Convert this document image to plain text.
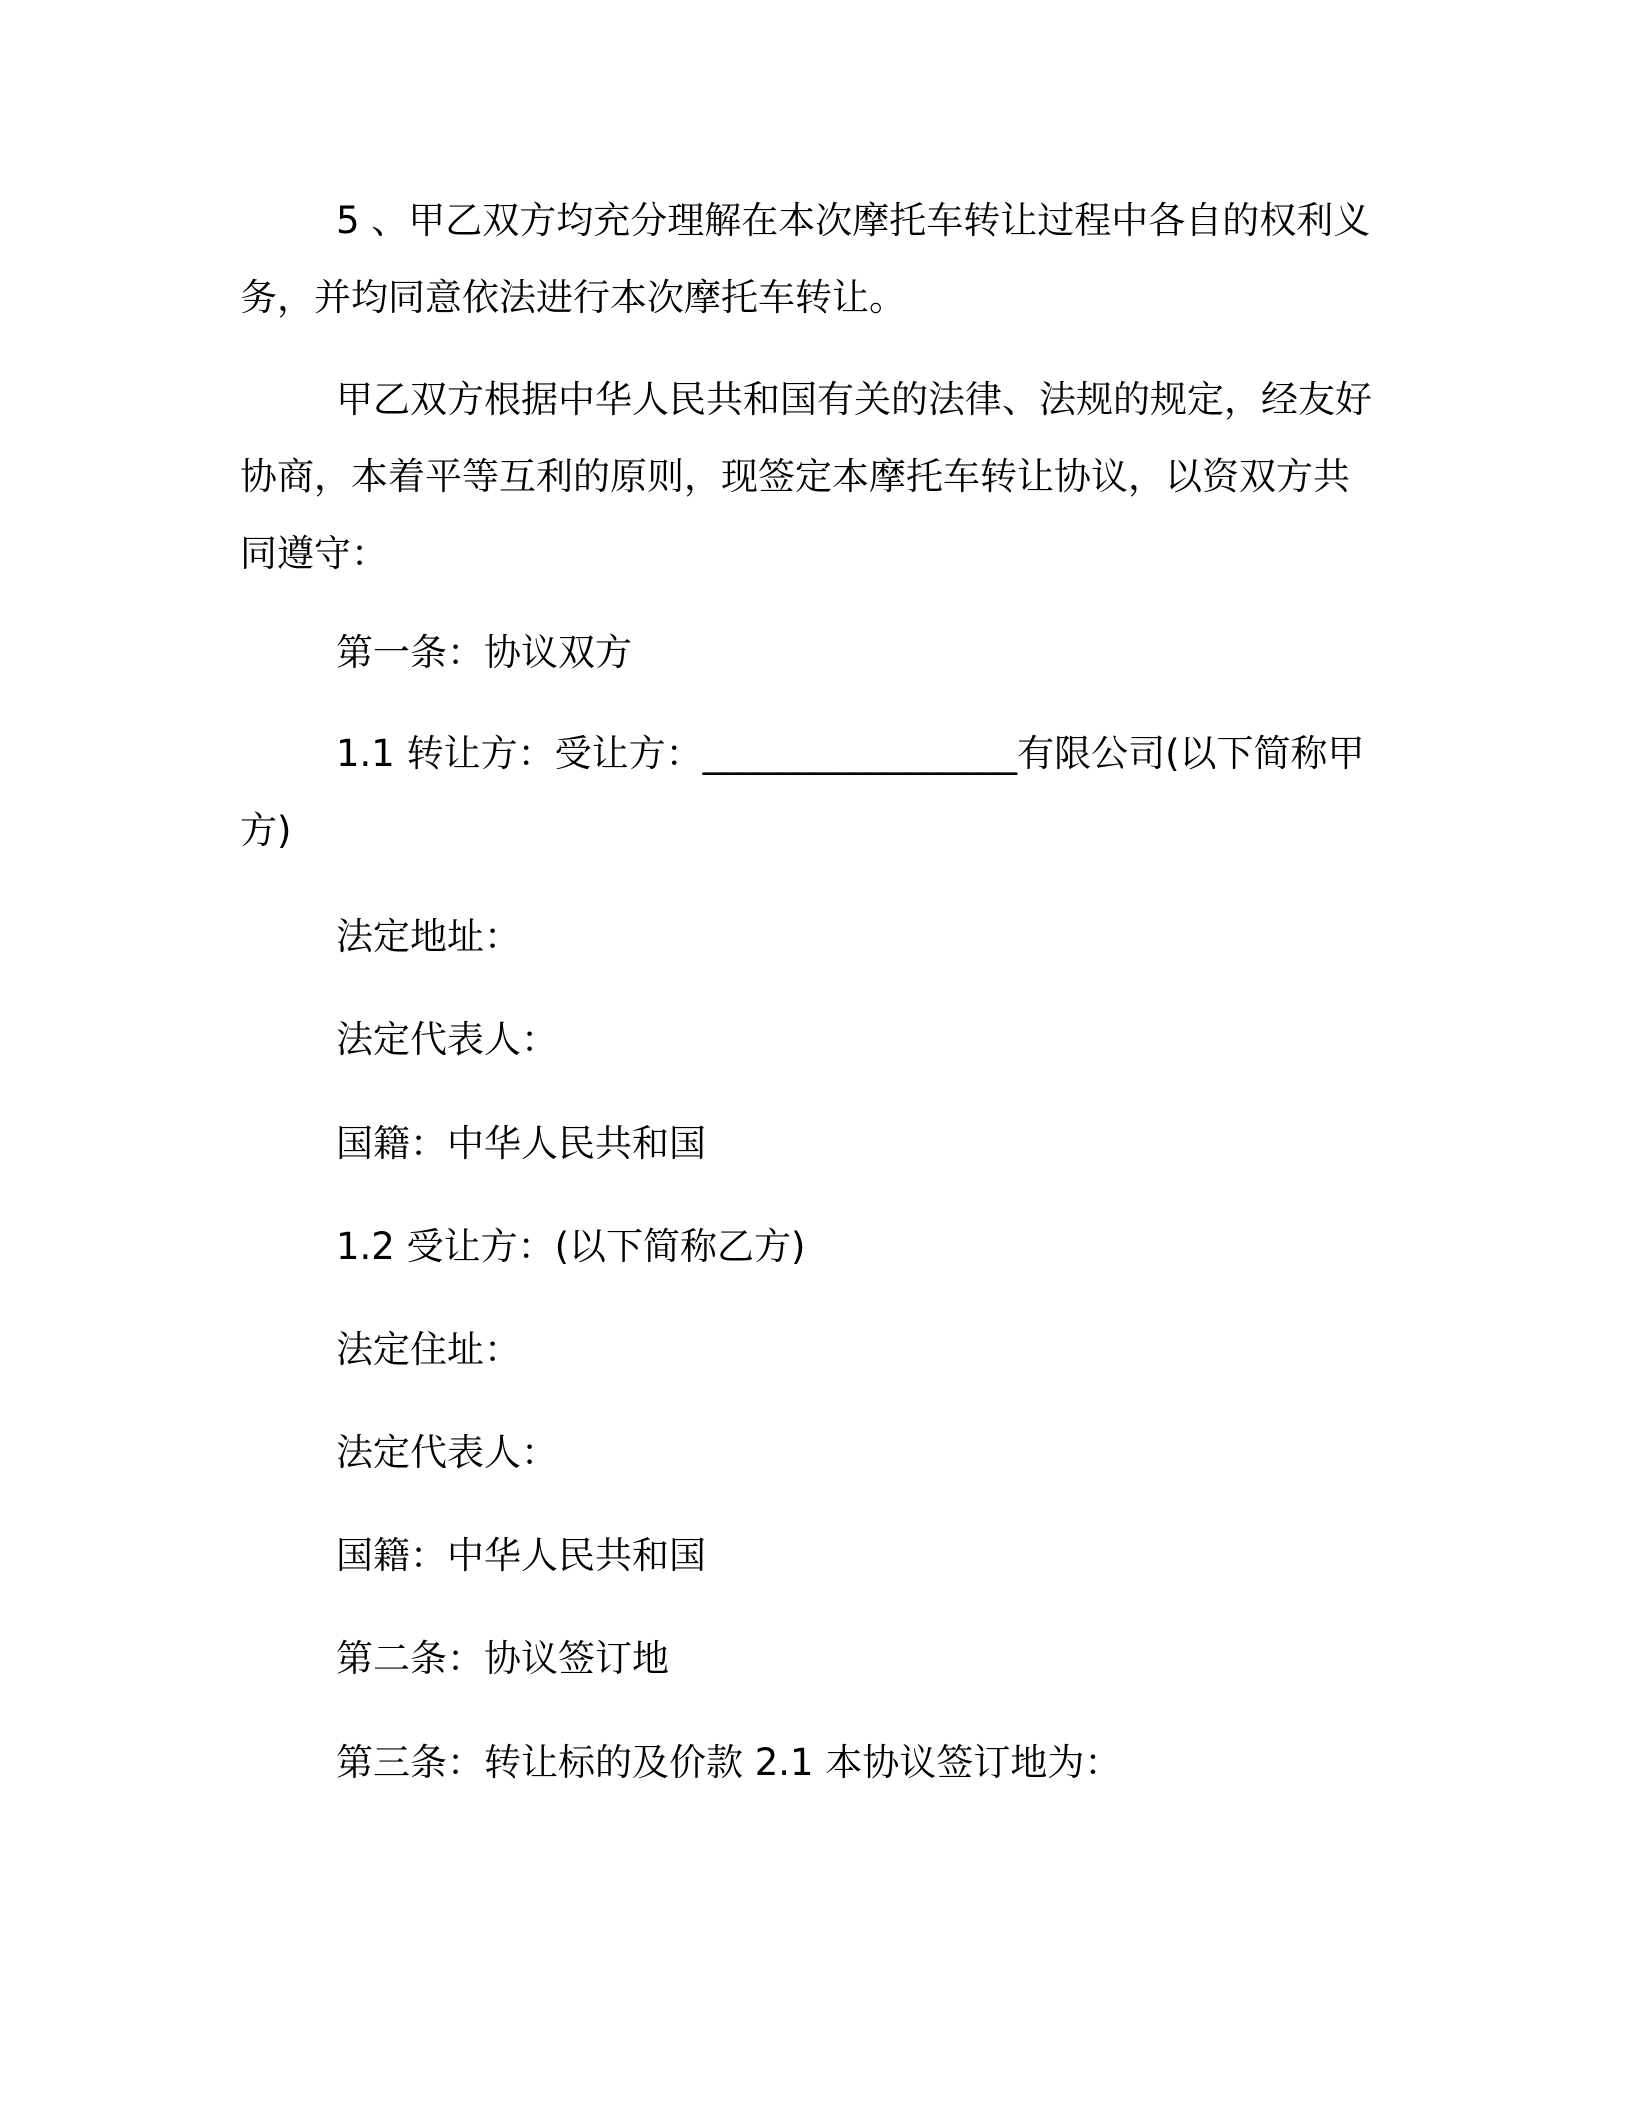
5 、甲乙双方均充分理解在本次摩托车转让过程中各自的权利义务，并均同意依法进行本次摩托车转让。

甲乙双方根据中华人民共和国有关的法律、法规的规定，经友好协商，本着平等互利的原则，现签定本摩托车转让协议，以资双方共同遵守：

第一条：协议双方

1.1 转让方：受让方：_________________有限公司(以下简称甲方)

法定地址：

法定代表人：

国籍：中华人民共和国

1.2 受让方：(以下简称乙方)

法定住址：

法定代表人：

国籍：中华人民共和国

第二条：协议签订地

第三条：转让标的及价款 2.1 本协议签订地为：
